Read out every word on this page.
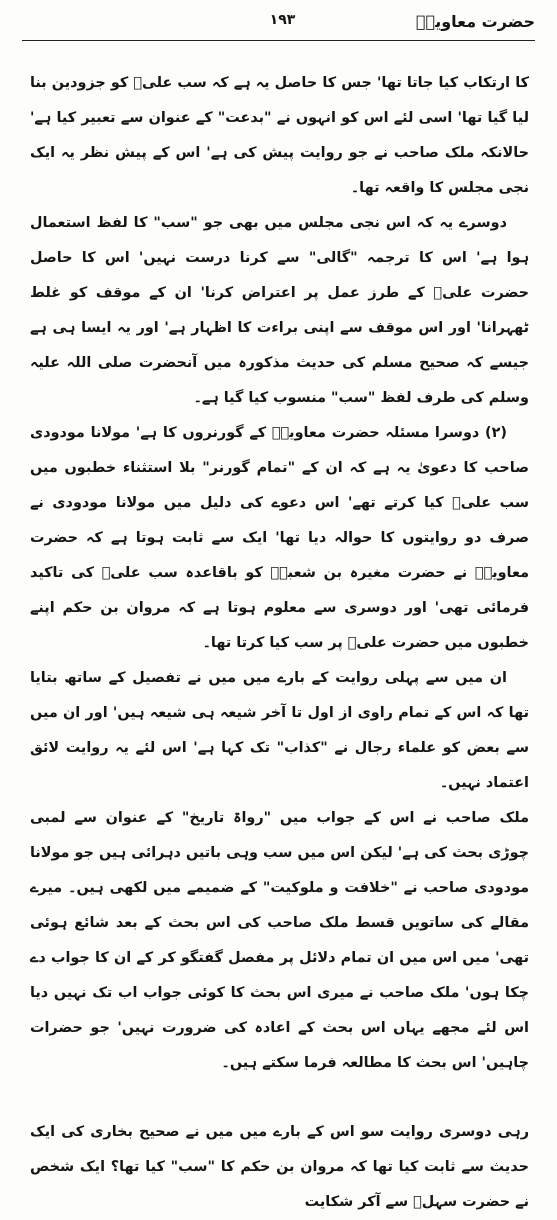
حضرت معاویہؓ
۱۹۳

کا ارتکاب کیا جاتا تھا' جس کا حاصل یہ ہے کہ سب علیؓ کو جزودین بنا لیا گیا تھا' اسی لئے اس کو انہوں نے "بدعت" کے عنوان سے تعبیر کیا ہے' حالانکہ ملک صاحب نے جو روایت پیش کی ہے' اس کے پیش نظر یہ ایک نجی مجلس کا واقعہ تھا۔

دوسرے یہ کہ اس نجی مجلس میں بھی جو "سب" کا لفظ استعمال ہوا ہے' اس کا ترجمہ "گالی" سے کرنا درست نہیں' اس کا حاصل حضرت علیؓ کے طرز عمل پر اعتراض کرنا' ان کے موقف کو غلط ٹھہرانا' اور اس موقف سے اپنی براءت کا اظہار ہے' اور یہ ایسا ہی ہے جیسے کہ صحیح مسلم کی حدیث مذکورہ میں آنحضرت صلی اللہ علیہ وسلم کی طرف لفظ "سب" منسوب کیا گیا ہے۔

(۲) دوسرا مسئلہ حضرت معاویہؓ کے گورنروں کا ہے' مولانا مودودی صاحب کا دعویٰ یہ ہے کہ ان کے "تمام گورنر" بلا استثناء خطبوں میں سب علیؓ کیا کرتے تھے' اس دعوے کی دلیل میں مولانا مودودی نے صرف دو روایتوں کا حوالہ دیا تھا' ایک سے ثابت ہوتا ہے کہ حضرت معاویہؓ نے حضرت مغیرہ بن شعبہؓ کو باقاعدہ سب علیؓ کی تاکید فرمائی تھی' اور دوسری سے معلوم ہوتا ہے کہ مروان بن حکم اپنے خطبوں میں حضرت علیؓ پر سب کیا کرتا تھا۔

ان میں سے پہلی روایت کے بارے میں میں نے تفصیل کے ساتھ بتایا تھا کہ اس کے تمام راوی از اول تا آخر شیعہ ہی شیعہ ہیں' اور ان میں سے بعض کو علماء رجال نے "کذاب" تک کہا ہے' اس لئے یہ روایت لائق اعتماد نہیں۔

ملک صاحب نے اس کے جواب میں "رواۃ تاریخ" کے عنوان سے لمبی چوڑی بحث کی ہے' لیکن اس میں سب وہی باتیں دہرائی ہیں جو مولانا مودودی صاحب نے "خلافت و ملوکیت" کے ضمیمے میں لکھی ہیں۔ میرے مقالے کی ساتویں قسط ملک صاحب کی اس بحث کے بعد شائع ہوئی تھی' میں اس میں ان تمام دلائل پر مفصل گفتگو کر کے ان کا جواب دے چکا ہوں' ملک صاحب نے میری اس بحث کا کوئی جواب اب تک نہیں دیا اس لئے مجھے یہاں اس بحث کے اعادہ کی ضرورت نہیں' جو حضرات چاہیں' اس بحث کا مطالعہ فرما سکتے ہیں۔

رہی دوسری روایت سو اس کے بارے میں میں نے صحیح بخاری کی ایک حدیث سے ثابت کیا تھا کہ مروان بن حکم کا "سب" کیا تھا؟ ایک شخص نے حضرت سہلؓ سے آکر شکایت
